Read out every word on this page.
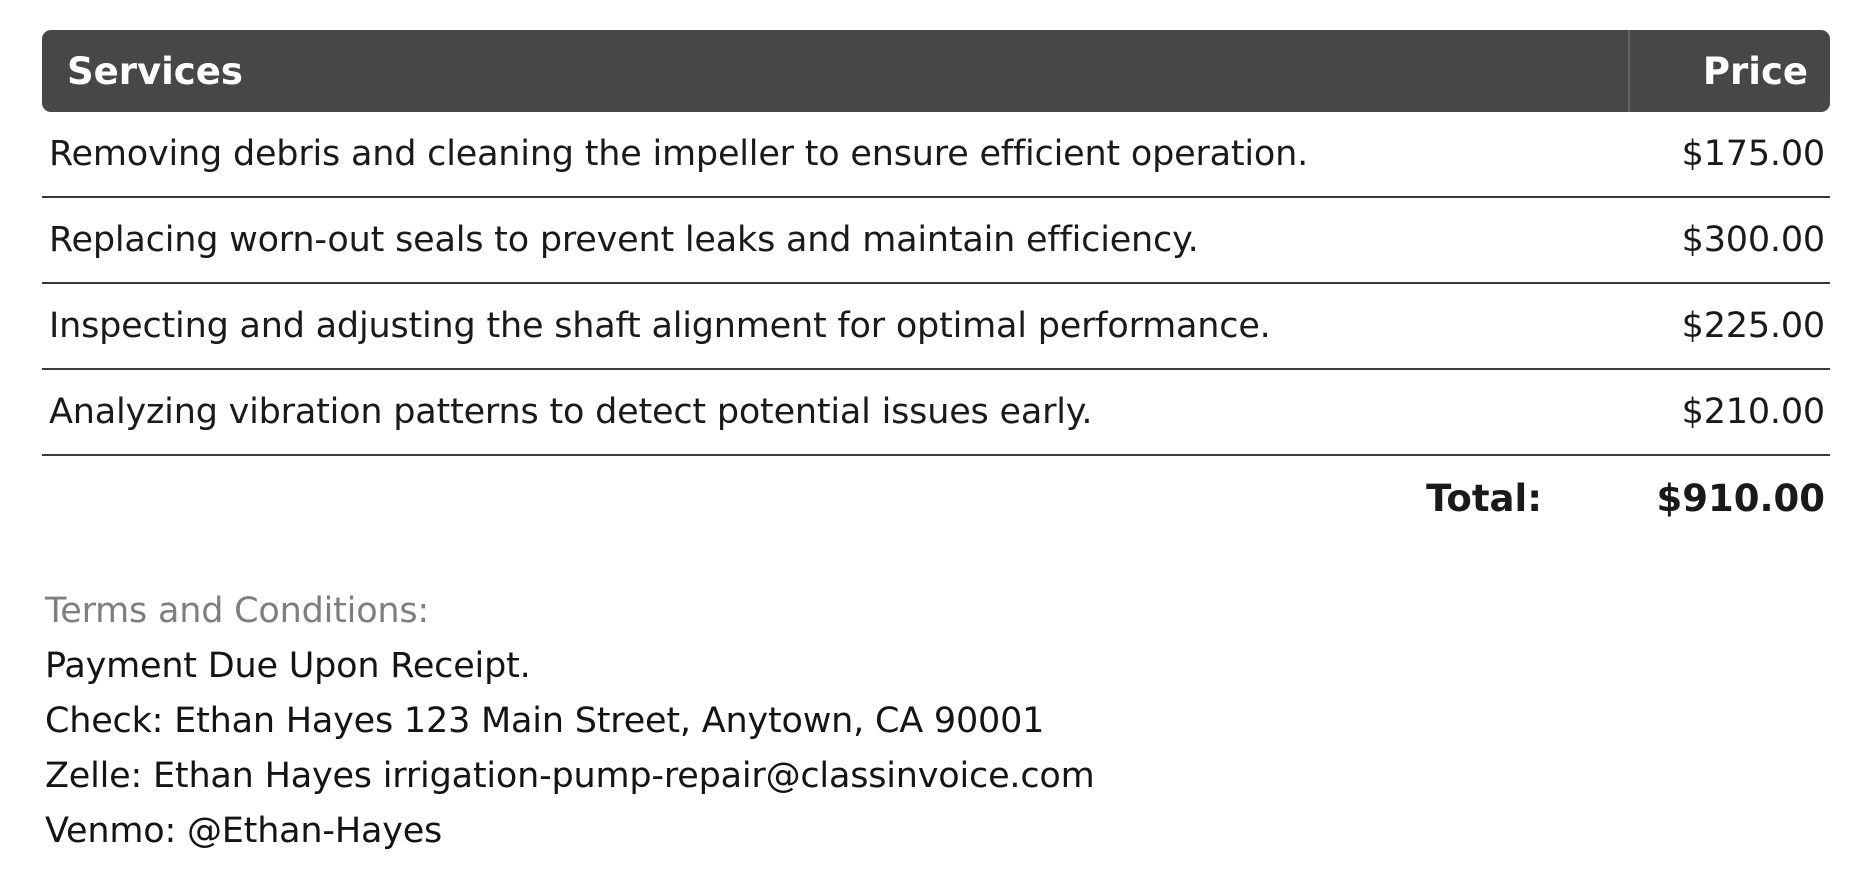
Services	Price
Removing debris and cleaning the impeller to ensure efficient operation.	$175.00
Replacing worn-out seals to prevent leaks and maintain efficiency.	$300.00
Inspecting and adjusting the shaft alignment for optimal performance.	$225.00
Analyzing vibration patterns to detect potential issues early.	$210.00
Total:	$910.00
Terms and Conditions:
Payment Due Upon Receipt.
Check: Ethan Hayes 123 Main Street, Anytown, CA 90001
Zelle: Ethan Hayes irrigation-pump-repair@classinvoice.com
Venmo: @Ethan-Hayes
